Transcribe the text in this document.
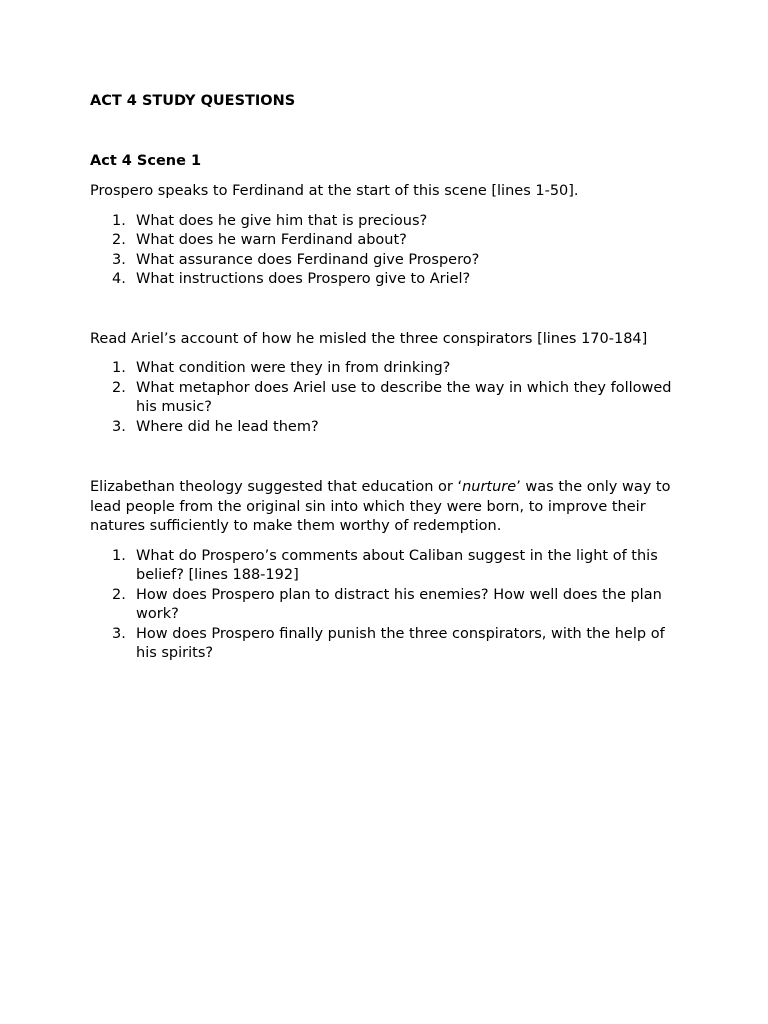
ACT 4 STUDY QUESTIONS
Act 4 Scene 1

Prospero speaks to Ferdinand at the start of this scene [lines 1-50].

1. What does he give him that is precious?
2. What does he warn Ferdinand about?
3. What assurance does Ferdinand give Prospero?
4. What instructions does Prospero give to Ariel?

Read Ariel’s account of how he misled the three conspirators [lines 170-184]

1. What condition were they in from drinking?
2. What metaphor does Ariel use to describe the way in which they followed his music?
3. Where did he lead them?

Elizabethan theology suggested that education or ‘nurture’ was the only way to lead people from the original sin into which they were born, to improve their natures sufficiently to make them worthy of redemption.

1. What do Prospero’s comments about Caliban suggest in the light of this belief? [lines 188-192]
2. How does Prospero plan to distract his enemies? How well does the plan work?
3. How does Prospero finally punish the three conspirators, with the help of his spirits?
